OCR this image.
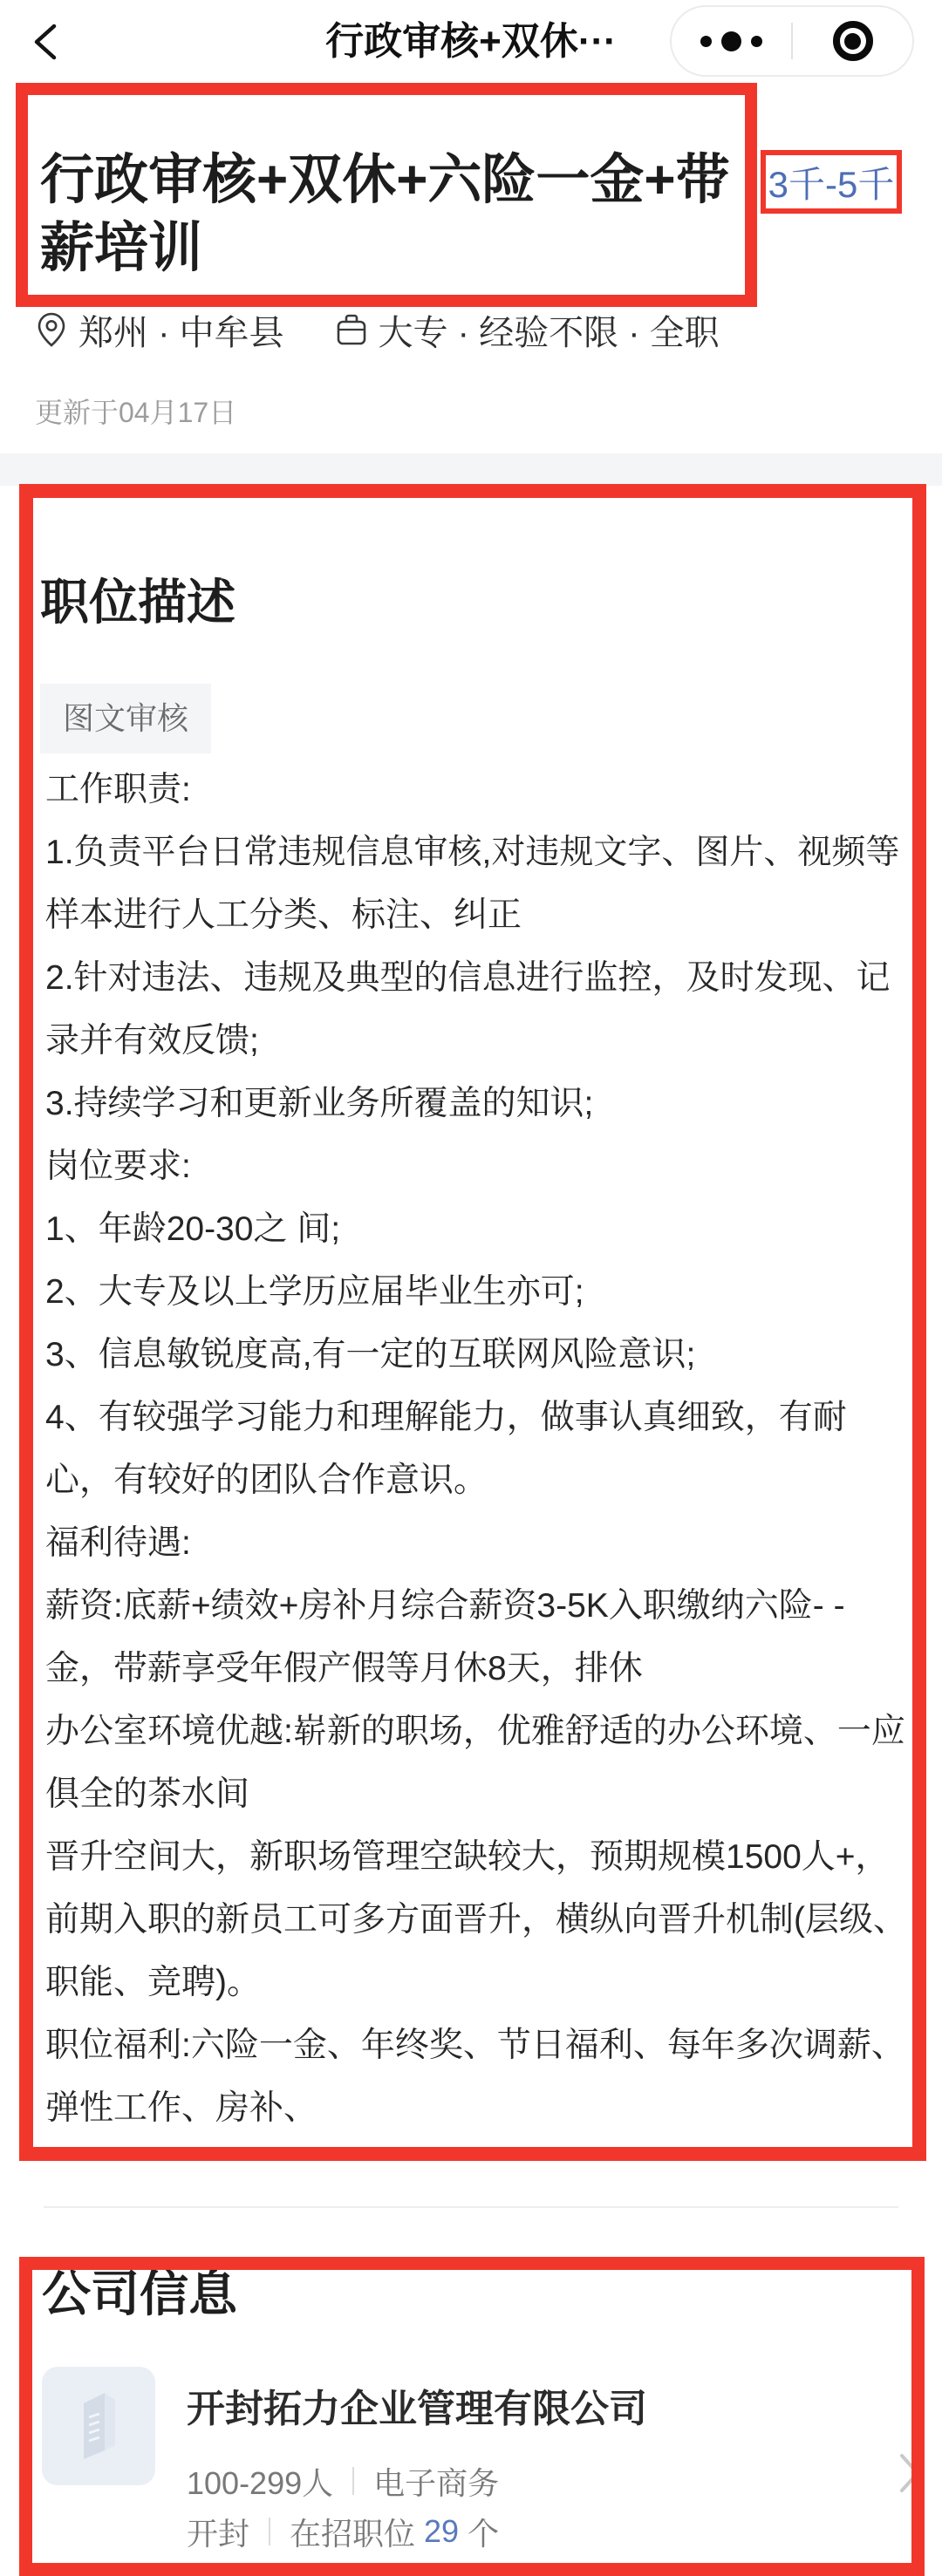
行政审核+双休···
行政审核+双休+六险一金+带薪培训
3千-5千
郑州 · 中牟县	大专 · 经验不限 · 全职
更新于04月17日
职位描述
图文审核

工作职责:

1.负责平台日常违规信息审核,对违规文字、图片、视频等样本进行人工分类、标注、纠正

2.针对违法、违规及典型的信息进行监控，及时发现、记录并有效反馈;

3.持续学习和更新业务所覆盖的知识;

岗位要求:

1、年龄20-30之 间;

2、大专及以上学历应届毕业生亦可;

3、信息敏锐度高,有一定的互联网风险意识;

4、有较强学习能力和理解能力，做事认真细致，有耐心，有较好的团队合作意识。

福利待遇:

薪资:底薪+绩效+房补月综合薪资3-5K入职缴纳六险- -金，带薪享受年假产假等月休8天，排休

办公室环境优越:崭新的职场，优雅舒适的办公环境、一应俱全的茶水间

晋升空间大，新职场管理空缺较大，预期规模1500人+，前期入职的新员工可多方面晋升，横纵向晋升机制(层级、职能、竞聘)。

职位福利:六险一金、年终奖、节日福利、每年多次调薪、弹性工作、房补、

公司信息
开封拓力企业管理有限公司
100-299人 电子商务
开封 在招职位 29 个
